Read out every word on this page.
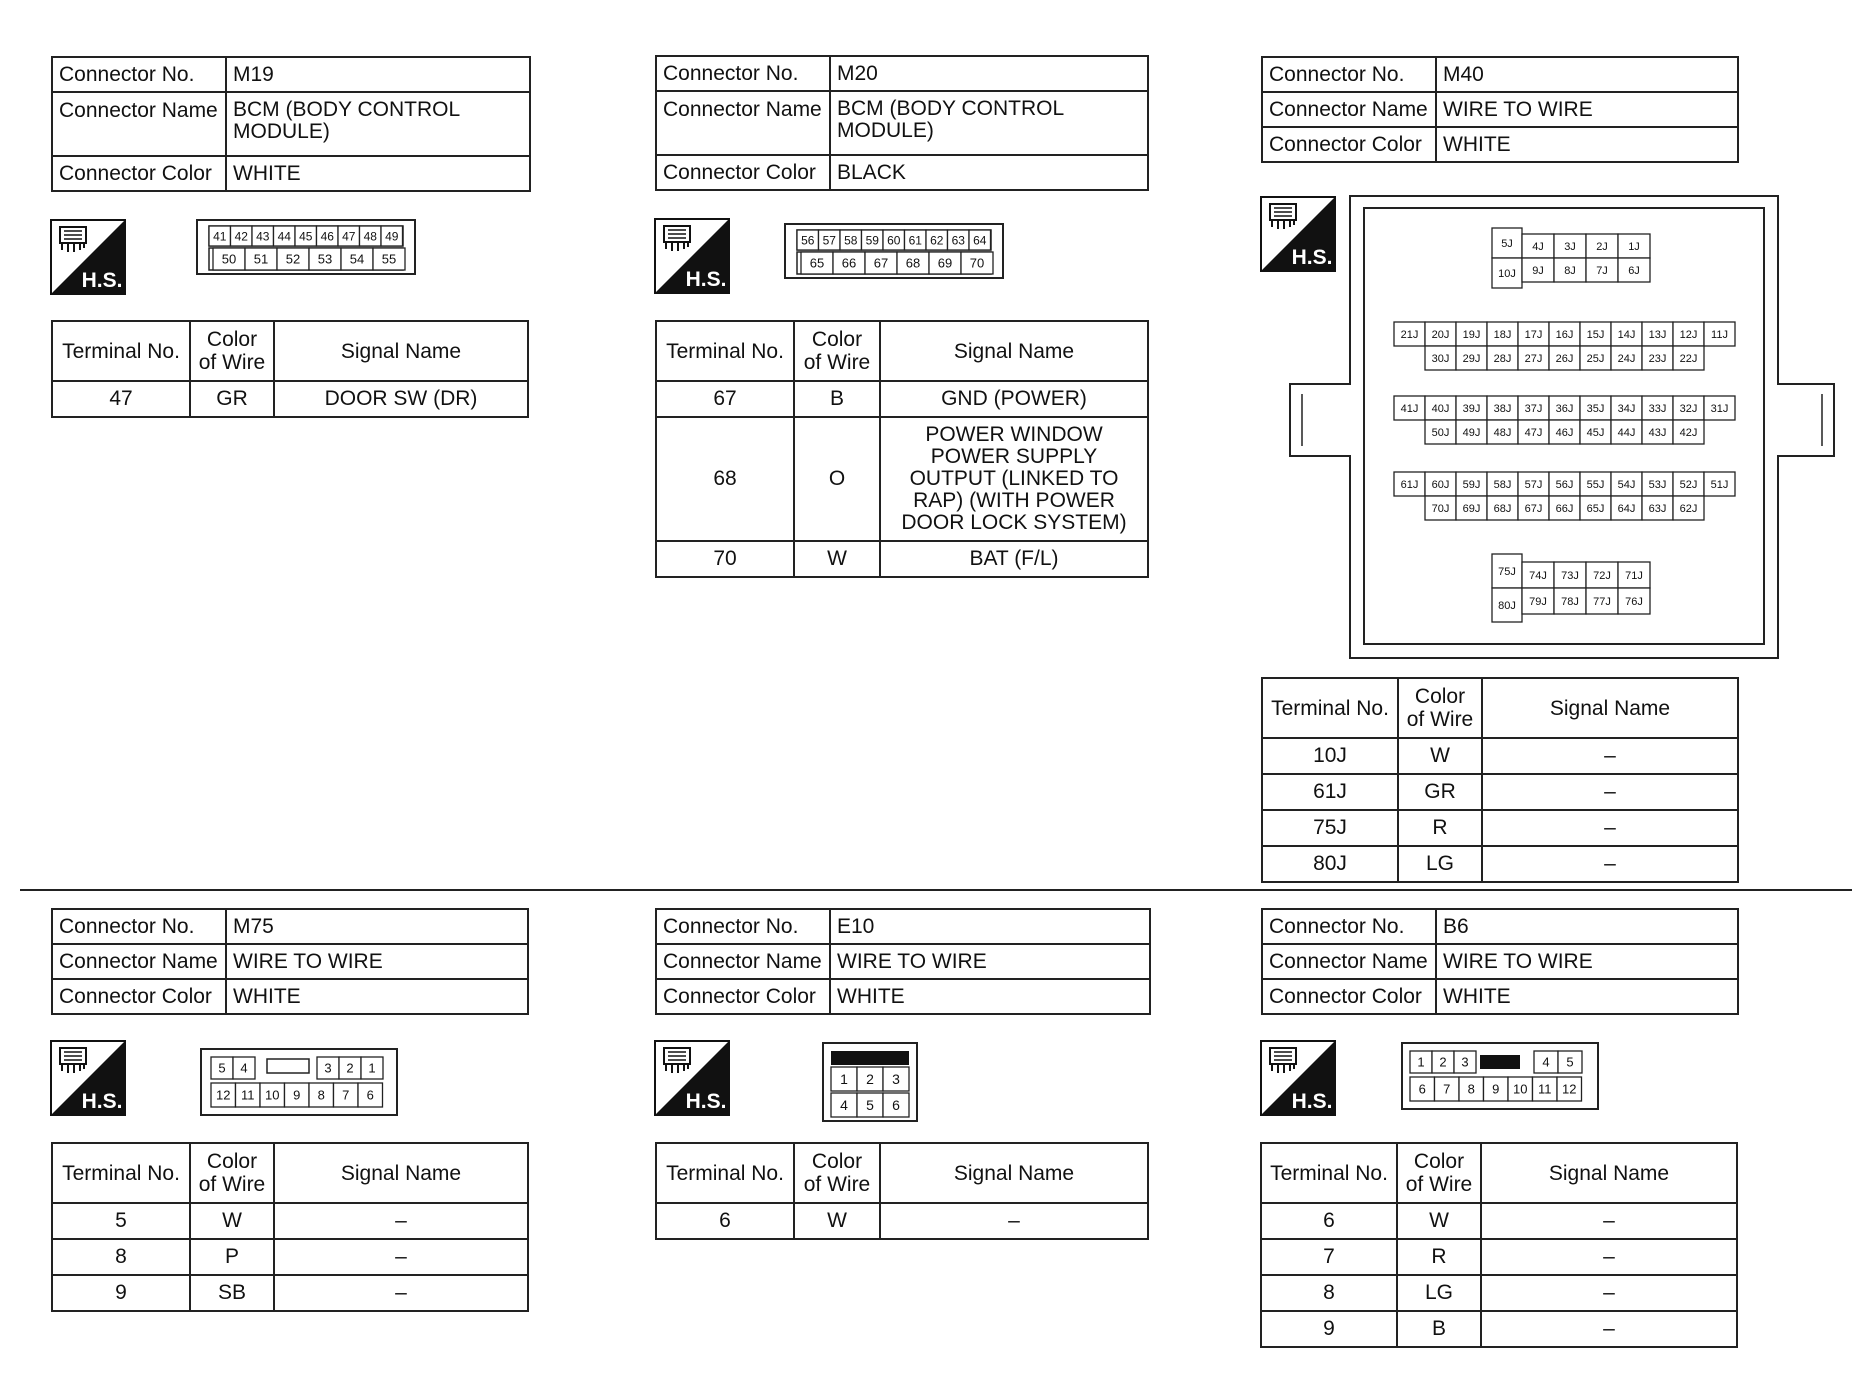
Connector No.	M19
Connector Name	BCM (BODY CONTROL MODULE)
Connector Color	WHITE
41 42 43 44 45 46 47 48 49
50 51 52 53 54 55
Terminal No.	Color of Wire	Signal Name
47	GR	DOOR SW (DR)
Connector No.	M20
Connector Name	BCM (BODY CONTROL MODULE)
Connector Color	BLACK
56 57 58 59 60 61 62 63 64
65 66 67 68 69 70
Terminal No.	Color of Wire	Signal Name
67	B	GND (POWER)
68	O	POWER WINDOW POWER SUPPLY OUTPUT (LINKED TO RAP) (WITH POWER DOOR LOCK SYSTEM)
70	W	BAT (F/L)
Connector No.	M40
Connector Name	WIRE TO WIRE
Connector Color	WHITE
5J
10J
4J 3J 2J 1J
9J 8J 7J 6J
21J 20J 19J 18J 17J 16J 15J 14J 13J 12J 11J
30J 29J 28J 27J 26J 25J 24J 23J 22J
41J 40J 39J 38J 37J 36J 35J 34J 33J 32J 31J
50J 49J 48J 47J 46J 45J 44J 43J 42J
61J 60J 59J 58J 57J 56J 55J 54J 53J 52J 51J
70J 69J 68J 67J 66J 65J 64J 63J 62J
75J
80J
74J 73J 72J 71J
79J 78J 77J 76J
Terminal No.	Color of Wire	Signal Name
10J	W	–
61J	GR	–
75J	R	–
80J	LG	–
Connector No.	M75
Connector Name	WIRE TO WIRE
Connector Color	WHITE
5 4	3 2 1
12 11 10 9 8 7 6
Terminal No.	Color of Wire	Signal Name
5	W	–
8	P	–
9	SB	–
Connector No.	E10
Connector Name	WIRE TO WIRE
Connector Color	WHITE
1 2 3
4 5 6
Terminal No.	Color of Wire	Signal Name
6	W	–
Connector No.	B6
Connector Name	WIRE TO WIRE
Connector Color	WHITE
1 2 3	4 5
6 7 8 9 10 11 12
Terminal No.	Color of Wire	Signal Name
6	W	–
7	R	–
8	LG	–
9	B	–
